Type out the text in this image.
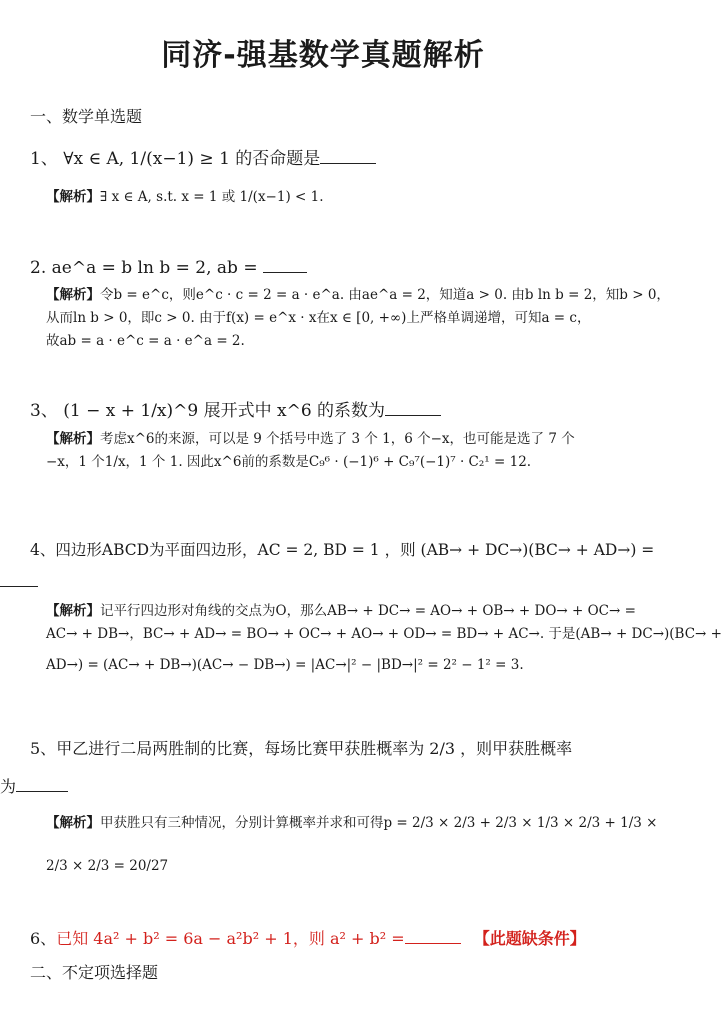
同济-强基数学真题解析
一、数学单选题
1、 ∀x ∈ A, 1/(x−1) ≥ 1 的否命题是
【解析】∃ x ∈ A, s.t. x = 1 或 1/(x−1) < 1.
2. ae^a = b ln b = 2, ab =
【解析】令b = e^c，则e^c · c = 2 = a · e^a. 由ae^a = 2，知道a > 0. 由b ln b = 2，知b > 0，
从而ln b > 0，即c > 0. 由于f(x) = e^x · x在x ∈ [0, +∞)上严格单调递增，可知a = c，
故ab = a · e^c = a · e^a = 2.
3、 (1 − x + 1/x)^9 展开式中 x^6 的系数为
【解析】考虑x^6的来源，可以是 9 个括号中选了 3 个 1，6 个−x，也可能是选了 7 个
−x，1 个1/x，1 个 1. 因此x^6前的系数是C₉⁶ · (−1)⁶ + C₉⁷(−1)⁷ · C₂¹ = 12.
4、四边形ABCD为平面四边形，AC = 2, BD = 1 ，则 (AB→ + DC→)(BC→ + AD→) =
【解析】记平行四边形对角线的交点为O，那么AB→ + DC→ = AO→ + OB→ + DO→ + OC→ =
AC→ + DB→，BC→ + AD→ = BO→ + OC→ + AO→ + OD→ = BD→ + AC→. 于是(AB→ + DC→)(BC→ +
AD→) = (AC→ + DB→)(AC→ − DB→) = |AC→|² − |BD→|² = 2² − 1² = 3.
5、甲乙进行二局两胜制的比赛，每场比赛甲获胜概率为 2/3 ，则甲获胜概率
为
【解析】甲获胜只有三种情况，分别计算概率并求和可得p = 2/3 × 2/3 + 2/3 × 1/3 × 2/3 + 1/3 ×
2/3 × 2/3 = 20/27
6、已知 4a² + b² = 6a − a²b² + 1，则 a² + b² =	【此题缺条件】
二、不定项选择题
